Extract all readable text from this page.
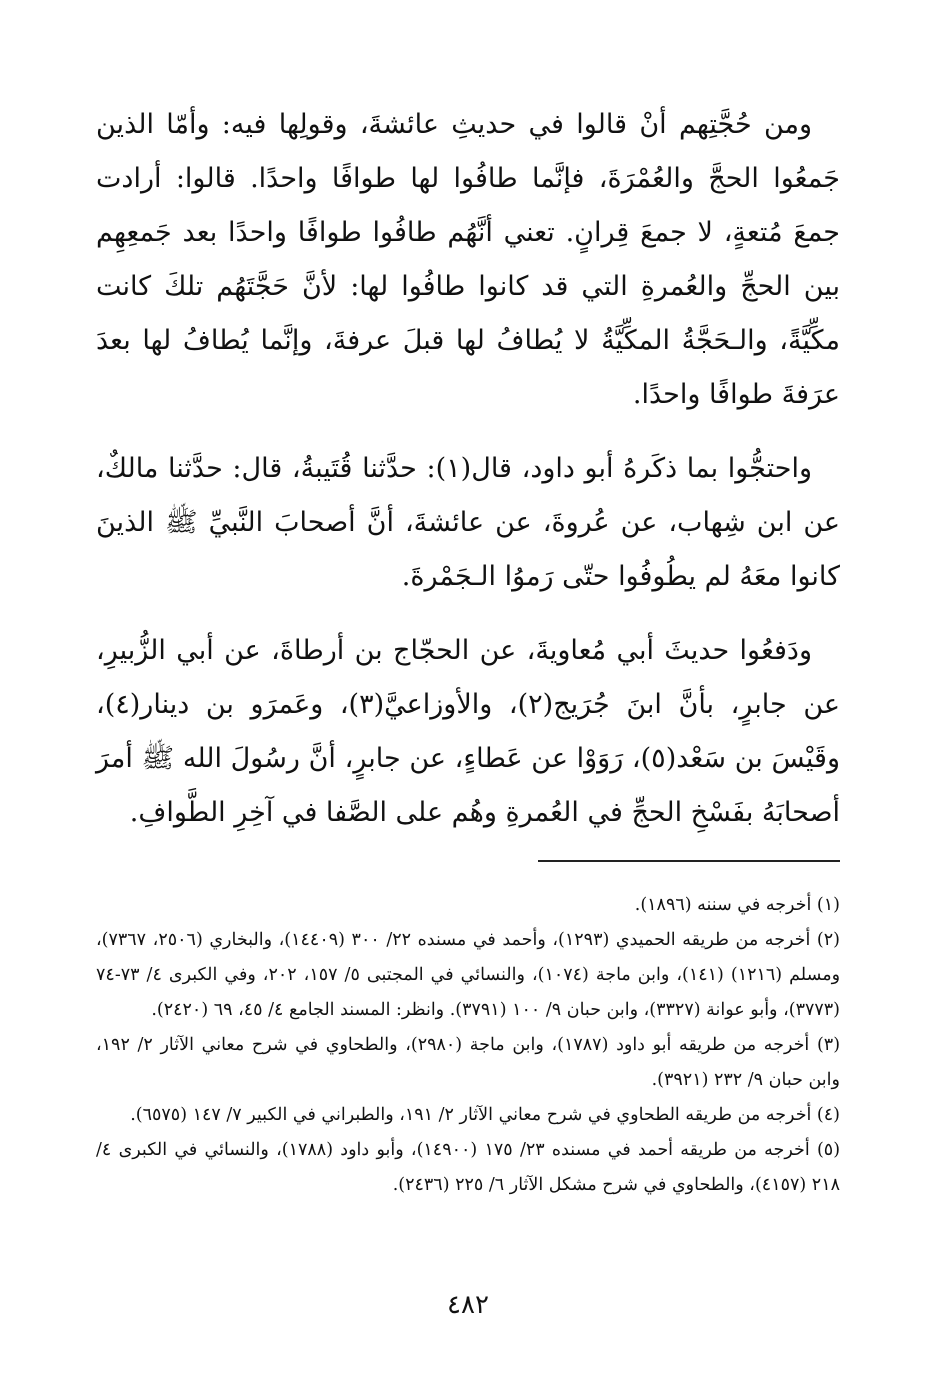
ومن حُجَّتِهم أنْ قالوا في حديثِ عائشةَ، وقولِها فيه: وأمّا الذين جَمعُوا الحجَّ والعُمْرَةَ، فإنَّما طافُوا لها طوافًا واحدًا. قالوا: أرادت جمعَ مُتعةٍ، لا جمعَ قِرانٍ. تعني أنَّهُم طافُوا طوافًا واحدًا بعد جَمعِهِم بين الحجِّ والعُمرةِ التي قد كانوا طافُوا لها: لأنَّ حَجَّتَهُم تلكَ كانت مكِّيَّةً، والـحَجَّةُ المكِّيَّةُ لا يُطافُ لها قبلَ عرفةَ، وإنَّما يُطافُ لها بعدَ عرَفةَ طوافًا واحدًا.

واحتجُّوا بما ذكَرهُ أبو داود، قال(١): حدَّثنا قُتَيبةُ، قال: حدَّثنا مالكٌ، عن ابن شِهاب، عن عُروةَ، عن عائشةَ، أنَّ أصحابَ النَّبيِّ ﷺ الذينَ كانوا معَهُ لم يطُوفُوا حتّى رَموُا الـجَمْرةَ.

ودَفعُوا حديثَ أبي مُعاويةَ، عن الحجّاج بن أرطاةَ، عن أبي الزُّبيرِ، عن جابرٍ، بأنَّ ابنَ جُرَيج(٢)، والأوزاعيَّ(٣)، وعَمرَو بن دينار(٤)، وقَيْسَ بن سَعْد(٥)، رَوَوْا عن عَطاءٍ، عن جابرٍ، أنَّ رسُولَ الله ﷺ أمرَ أصحابَهُ بفَسْخِ الحجِّ في العُمرةِ وهُم على الصَّفا في آخِرِ الطَّوافِ.

(١) أخرجه في سننه (١٨٩٦).

(٢) أخرجه من طريقه الحميدي (١٢٩٣)، وأحمد في مسنده ٢٢/ ٣٠٠ (١٤٤٠٩)، والبخاري (٢٥٠٦، ٧٣٦٧)، ومسلم (١٢١٦) (١٤١)، وابن ماجة (١٠٧٤)، والنسائي في المجتبى ٥/ ١٥٧، ٢٠٢، وفي الكبرى ٤/ ٧٣-٧٤ (٣٧٧٣)، وأبو عوانة (٣٣٢٧)، وابن حبان ٩/ ١٠٠ (٣٧٩١). وانظر: المسند الجامع ٤/ ٤٥، ٦٩ (٢٤٢٠).

(٣) أخرجه من طريقه أبو داود (١٧٨٧)، وابن ماجة (٢٩٨٠)، والطحاوي في شرح معاني الآثار ٢/ ١٩٢، وابن حبان ٩/ ٢٣٢ (٣٩٢١).

(٤) أخرجه من طريقه الطحاوي في شرح معاني الآثار ٢/ ١٩١، والطبراني في الكبير ٧/ ١٤٧ (٦٥٧٥).

(٥) أخرجه من طريقه أحمد في مسنده ٢٣/ ١٧٥ (١٤٩٠٠)، وأبو داود (١٧٨٨)، والنسائي في الكبرى ٤/ ٢١٨ (٤١٥٧)، والطحاوي في شرح مشكل الآثار ٦/ ٢٢٥ (٢٤٣٦).

٤٨٢
